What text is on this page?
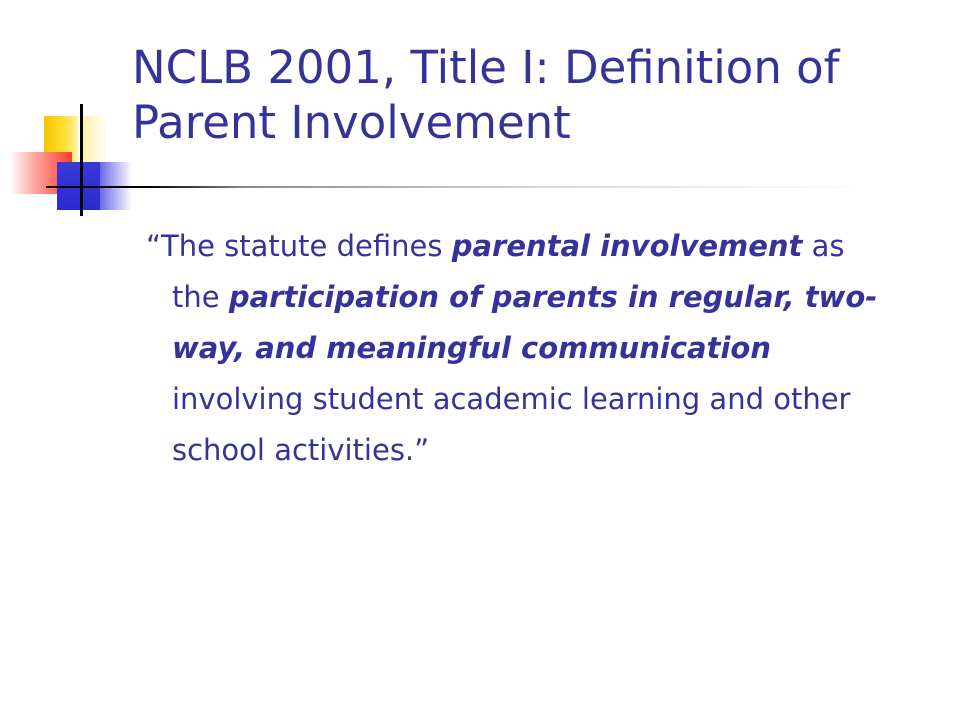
NCLB 2001, Title I: Definition of Parent Involvement

“The statute defines parental involvement as the participation of parents in regular, two-way, and meaningful communication involving student academic learning and other school activities.”
